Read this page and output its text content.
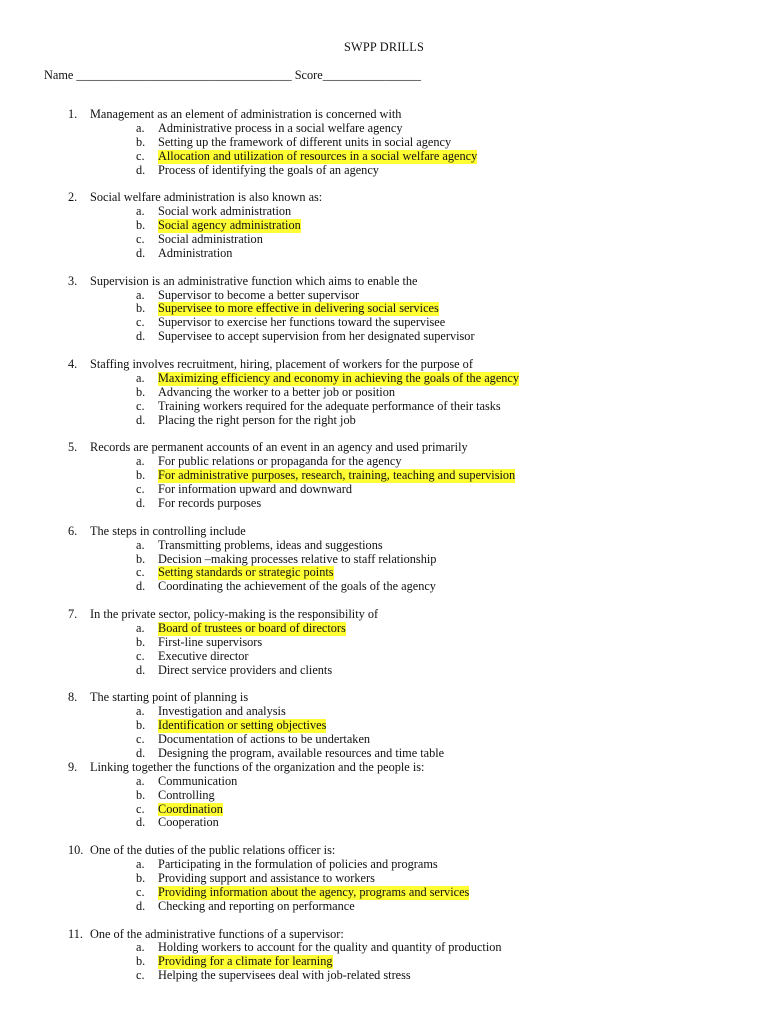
SWPP DRILLS
Name ___________________________________ Score________________
1. Management as an element of administration is concerned with
a. Administrative process in a social welfare agency
b. Setting up the framework of different units in social agency
c. Allocation and utilization of resources in a social welfare agency
d. Process of identifying the goals of an agency
2. Social welfare administration is also known as:
a. Social work administration
b. Social agency administration
c. Social administration
d. Administration
3. Supervision is an administrative function which aims to enable the
a. Supervisor to become a better supervisor
b. Supervisee to more effective in delivering social services
c. Supervisor to exercise her functions toward the supervisee
d. Supervisee to accept supervision from her designated supervisor
4. Staffing involves recruitment, hiring, placement of workers for the purpose of
a. Maximizing efficiency and economy in achieving the goals of the agency
b. Advancing the worker to a better job or position
c. Training workers required for the adequate performance of their tasks
d. Placing the right person for the right job
5. Records are permanent accounts of an event in an agency and used primarily
a. For public relations or propaganda for the agency
b. For administrative purposes, research, training, teaching and supervision
c. For information upward and downward
d. For records purposes
6. The steps in controlling include
a. Transmitting problems, ideas and suggestions
b. Decision –making processes relative to staff relationship
c. Setting standards or strategic points
d. Coordinating the achievement of the goals of the agency
7. In the private sector, policy-making is the responsibility of
a. Board of trustees or board of directors
b. First-line supervisors
c. Executive director
d. Direct service providers and clients
8. The starting point of planning is
a. Investigation and analysis
b. Identification or setting objectives
c. Documentation of actions to be undertaken
d. Designing the program, available resources and time table
9. Linking together the functions of the organization and the people is:
a. Communication
b. Controlling
c. Coordination
d. Cooperation
10. One of the duties of the public relations officer is:
a. Participating in the formulation of policies and programs
b. Providing support and assistance to workers
c. Providing information about the agency, programs and services
d. Checking and reporting on performance
11. One of the administrative functions of a supervisor:
a. Holding workers to account for the quality and quantity of production
b. Providing for a climate for learning
c. Helping the supervisees deal with job-related stress
